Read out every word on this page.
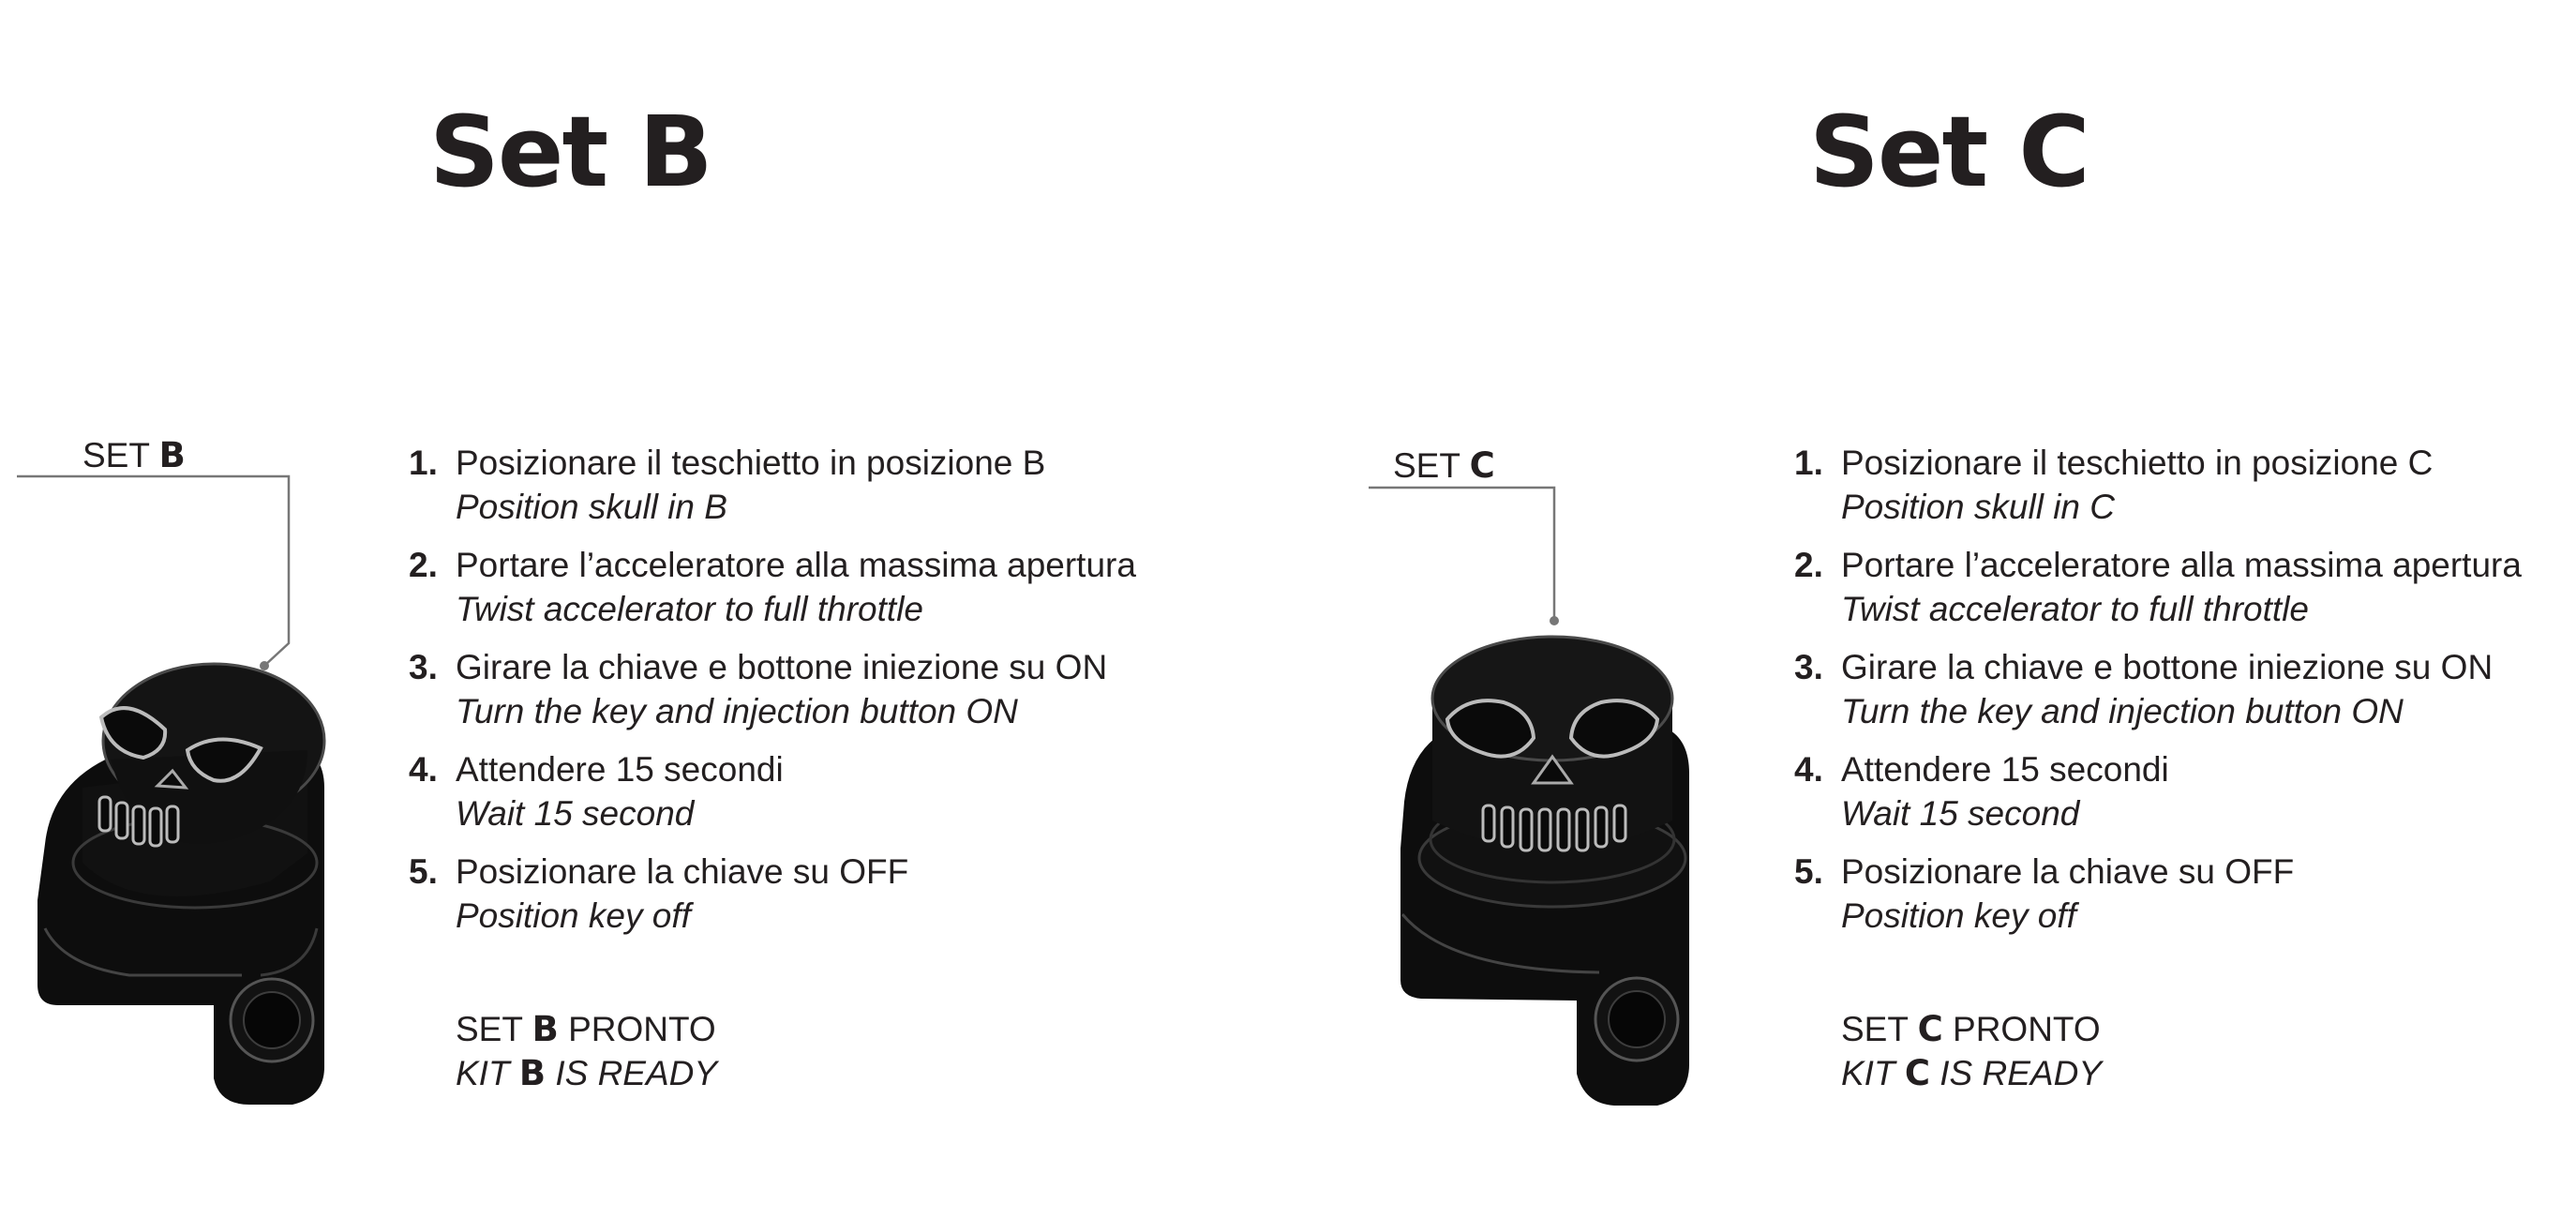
Set B
SET B	1. Posizionare il teschietto in posizione B
Position skull in B
2. Portare l’acceleratore alla massima apertura
Twist accelerator to full throttle
3. Girare la chiave e bottone iniezione su ON
Turn the key and injection button ON
4. Attendere 15 secondi
Wait 15 second
5. Posizionare la chiave su OFF
Position key off
SET B PRONTO
KIT B IS READY
Set C
SET C	1. Posizionare il teschietto in posizione C
Position skull in C
2. Portare l’acceleratore alla massima apertura
Twist accelerator to full throttle
3. Girare la chiave e bottone iniezione su ON
Turn the key and injection button ON
4. Attendere 15 secondi
Wait 15 second
5. Posizionare la chiave su OFF
Position key off
SET C PRONTO
KIT C IS READY
